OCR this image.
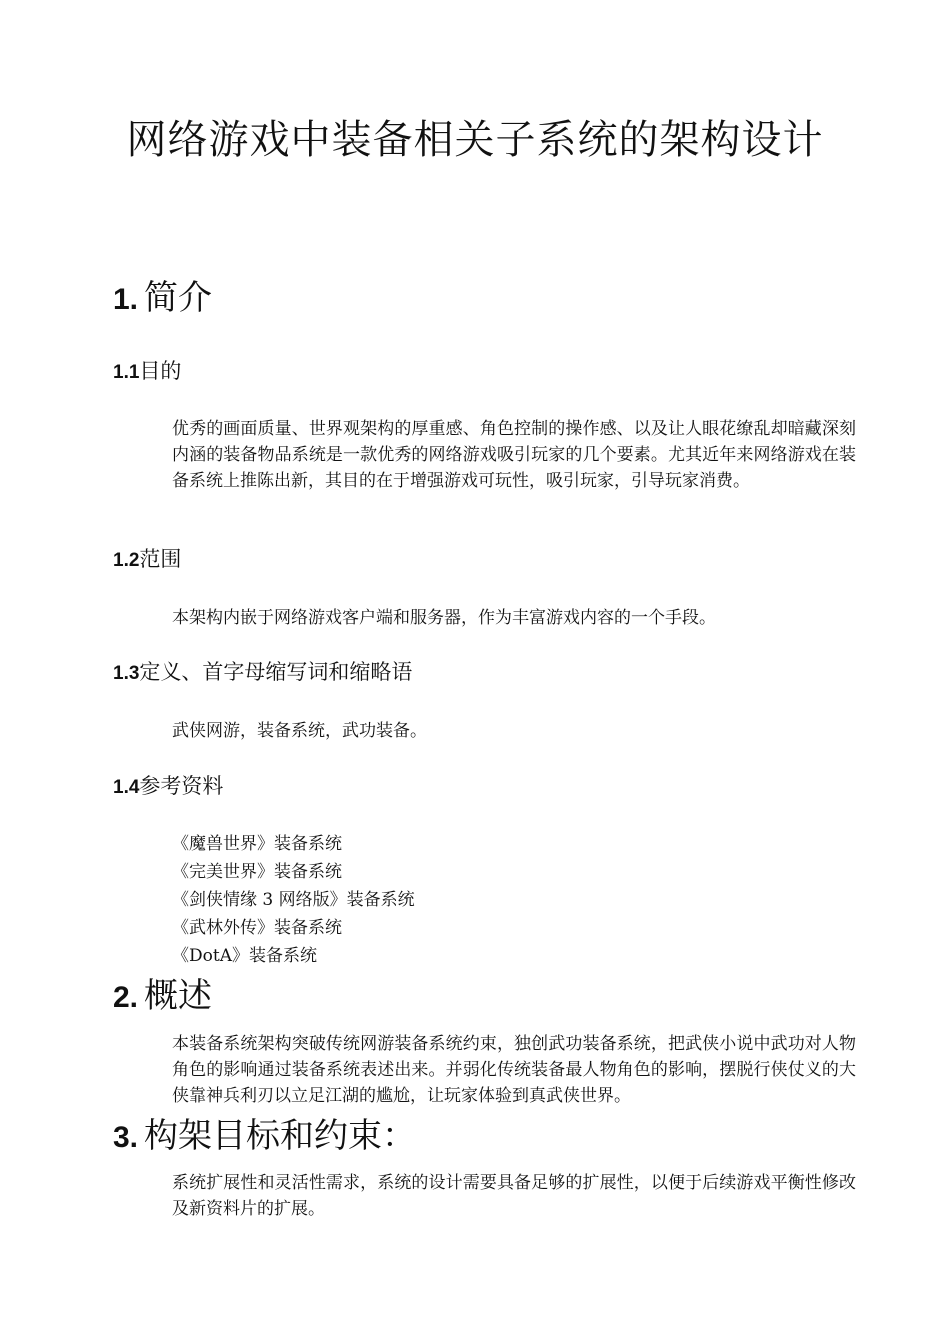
网络游戏中装备相关子系统的架构设计
1. 简介
1.1目的
优秀的画面质量、世界观架构的厚重感、角色控制的操作感、以及让人眼花缭乱却暗藏深刻内涵的装备物品系统是一款优秀的网络游戏吸引玩家的几个要素。尤其近年来网络游戏在装备系统上推陈出新，其目的在于增强游戏可玩性，吸引玩家，引导玩家消费。
1.2范围
本架构内嵌于网络游戏客户端和服务器，作为丰富游戏内容的一个手段。
1.3定义、首字母缩写词和缩略语
武侠网游，装备系统，武功装备。
1.4参考资料
《魔兽世界》装备系统
《完美世界》装备系统
《剑侠情缘 3 网络版》装备系统
《武林外传》装备系统
《DotA》装备系统
2. 概述
本装备系统架构突破传统网游装备系统约束，独创武功装备系统，把武侠小说中武功对人物角色的影响通过装备系统表述出来。并弱化传统装备最人物角色的影响，摆脱行侠仗义的大侠靠神兵利刃以立足江湖的尴尬，让玩家体验到真武侠世界。
3. 构架目标和约束：
系统扩展性和灵活性需求，系统的设计需要具备足够的扩展性，以便于后续游戏平衡性修改及新资料片的扩展。
